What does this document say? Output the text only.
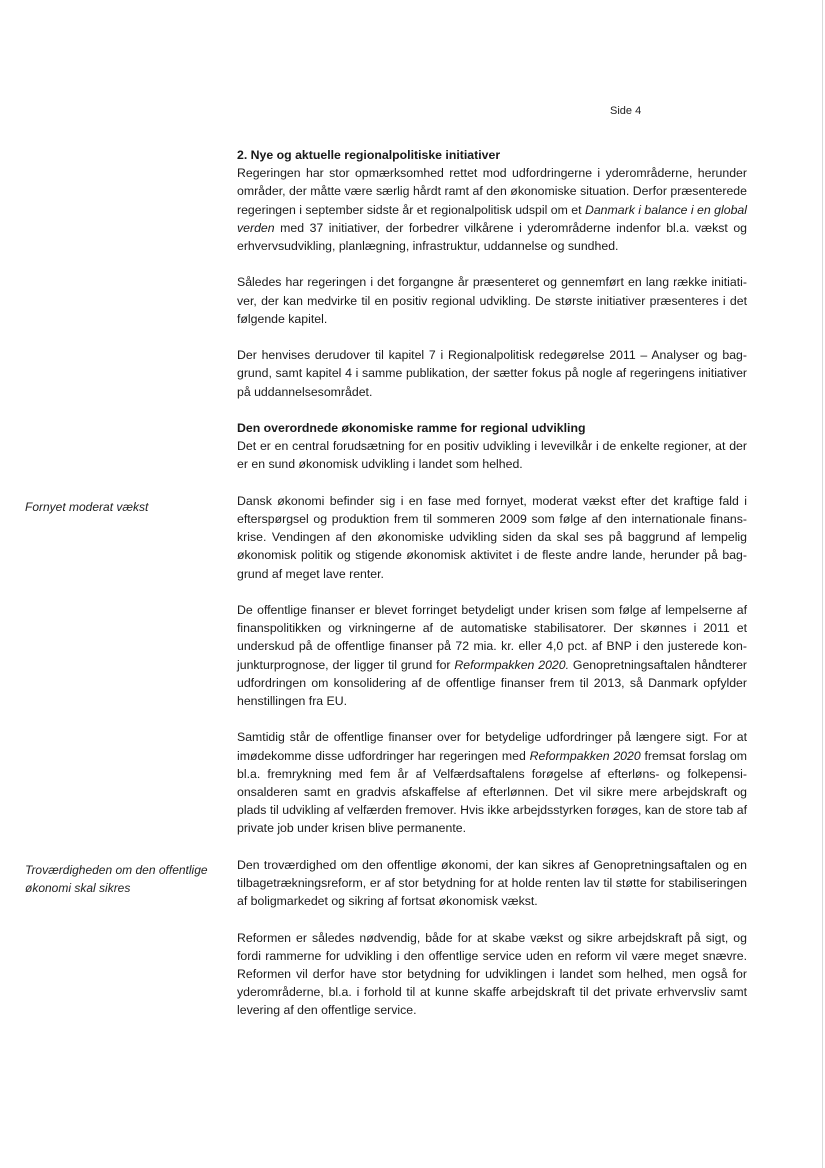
Side 4
Fornyet moderat vækst
Troværdigheden om den offentlige økonomi skal sikres
2. Nye og aktuelle regionalpolitiske initiativer

Regeringen har stor opmærksomhed rettet mod udfordringerne i yderområderne, herunder områder, der måtte være særlig hårdt ramt af den økonomiske situation. Derfor præsenterede regeringen i september sidste år et regionalpolitisk udspil om et Danmark i balance i en global verden med 37 initiativer, der forbedrer vilkårene i yderområderne indenfor bl.a. vækst og erhvervsudvikling, planlægning, infrastruktur, uddannelse og sundhed.

Således har regeringen i det forgangne år præsenteret og gennemført en lang række initiativer, der kan medvirke til en positiv regional udvikling. De største initiativer præsenteres i det følgende kapitel.

Der henvises derudover til kapitel 7 i Regionalpolitisk redegørelse 2011 – Analyser og baggrund, samt kapitel 4 i samme publikation, der sætter fokus på nogle af regeringens initiativer på uddannelsesområdet.

Den overordnede økonomiske ramme for regional udvikling
Det er en central forudsætning for en positiv udvikling i levevilkår i de enkelte regioner, at der er en sund økonomisk udvikling i landet som helhed.

Dansk økonomi befinder sig i en fase med fornyet, moderat vækst efter det kraftige fald i efterspørgsel og produktion frem til sommeren 2009 som følge af den internationale finanskrise. Vendingen af den økonomiske udvikling siden da skal ses på baggrund af lempelig økonomisk politik og stigende økonomisk aktivitet i de fleste andre lande, herunder på baggrund af meget lave renter.

De offentlige finanser er blevet forringet betydeligt under krisen som følge af lempelserne af finanspolitikken og virkningerne af de automatiske stabilisatorer. Der skønnes i 2011 et underskud på de offentlige finanser på 72 mia. kr. eller 4,0 pct. af BNP i den justerede konjunkturprognose, der ligger til grund for Reformpakken 2020. Genopretningsaftalen håndterer udfordringen om konsolidering af de offentlige finanser frem til 2013, så Danmark opfylder henstillingen fra EU.

Samtidig står de offentlige finanser over for betydelige udfordringer på længere sigt. For at imødekomme disse udfordringer har regeringen med Reformpakken 2020 fremsat forslag om bl.a. fremrykning med fem år af Velfærdsaftalens forøgelse af efterløns- og folkepensionsalderen samt en gradvis afskaffelse af efterlønnen. Det vil sikre mere arbejdskraft og plads til udvikling af velfærden fremover. Hvis ikke arbejdsstyrken forøges, kan de store tab af private job under krisen blive permanente.

Den troværdighed om den offentlige økonomi, der kan sikres af Genopretningsaftalen og en tilbagetrækningsreform, er af stor betydning for at holde renten lav til støtte for stabiliseringen af boligmarkedet og sikring af fortsat økonomisk vækst.

Reformen er således nødvendig, både for at skabe vækst og sikre arbejdskraft på sigt, og fordi rammerne for udvikling i den offentlige service uden en reform vil være meget snævre. Reformen vil derfor have stor betydning for udviklingen i landet som helhed, men også for yderområderne, bl.a. i forhold til at kunne skaffe arbejdskraft til det private erhvervsliv samt levering af den offentlige service.
